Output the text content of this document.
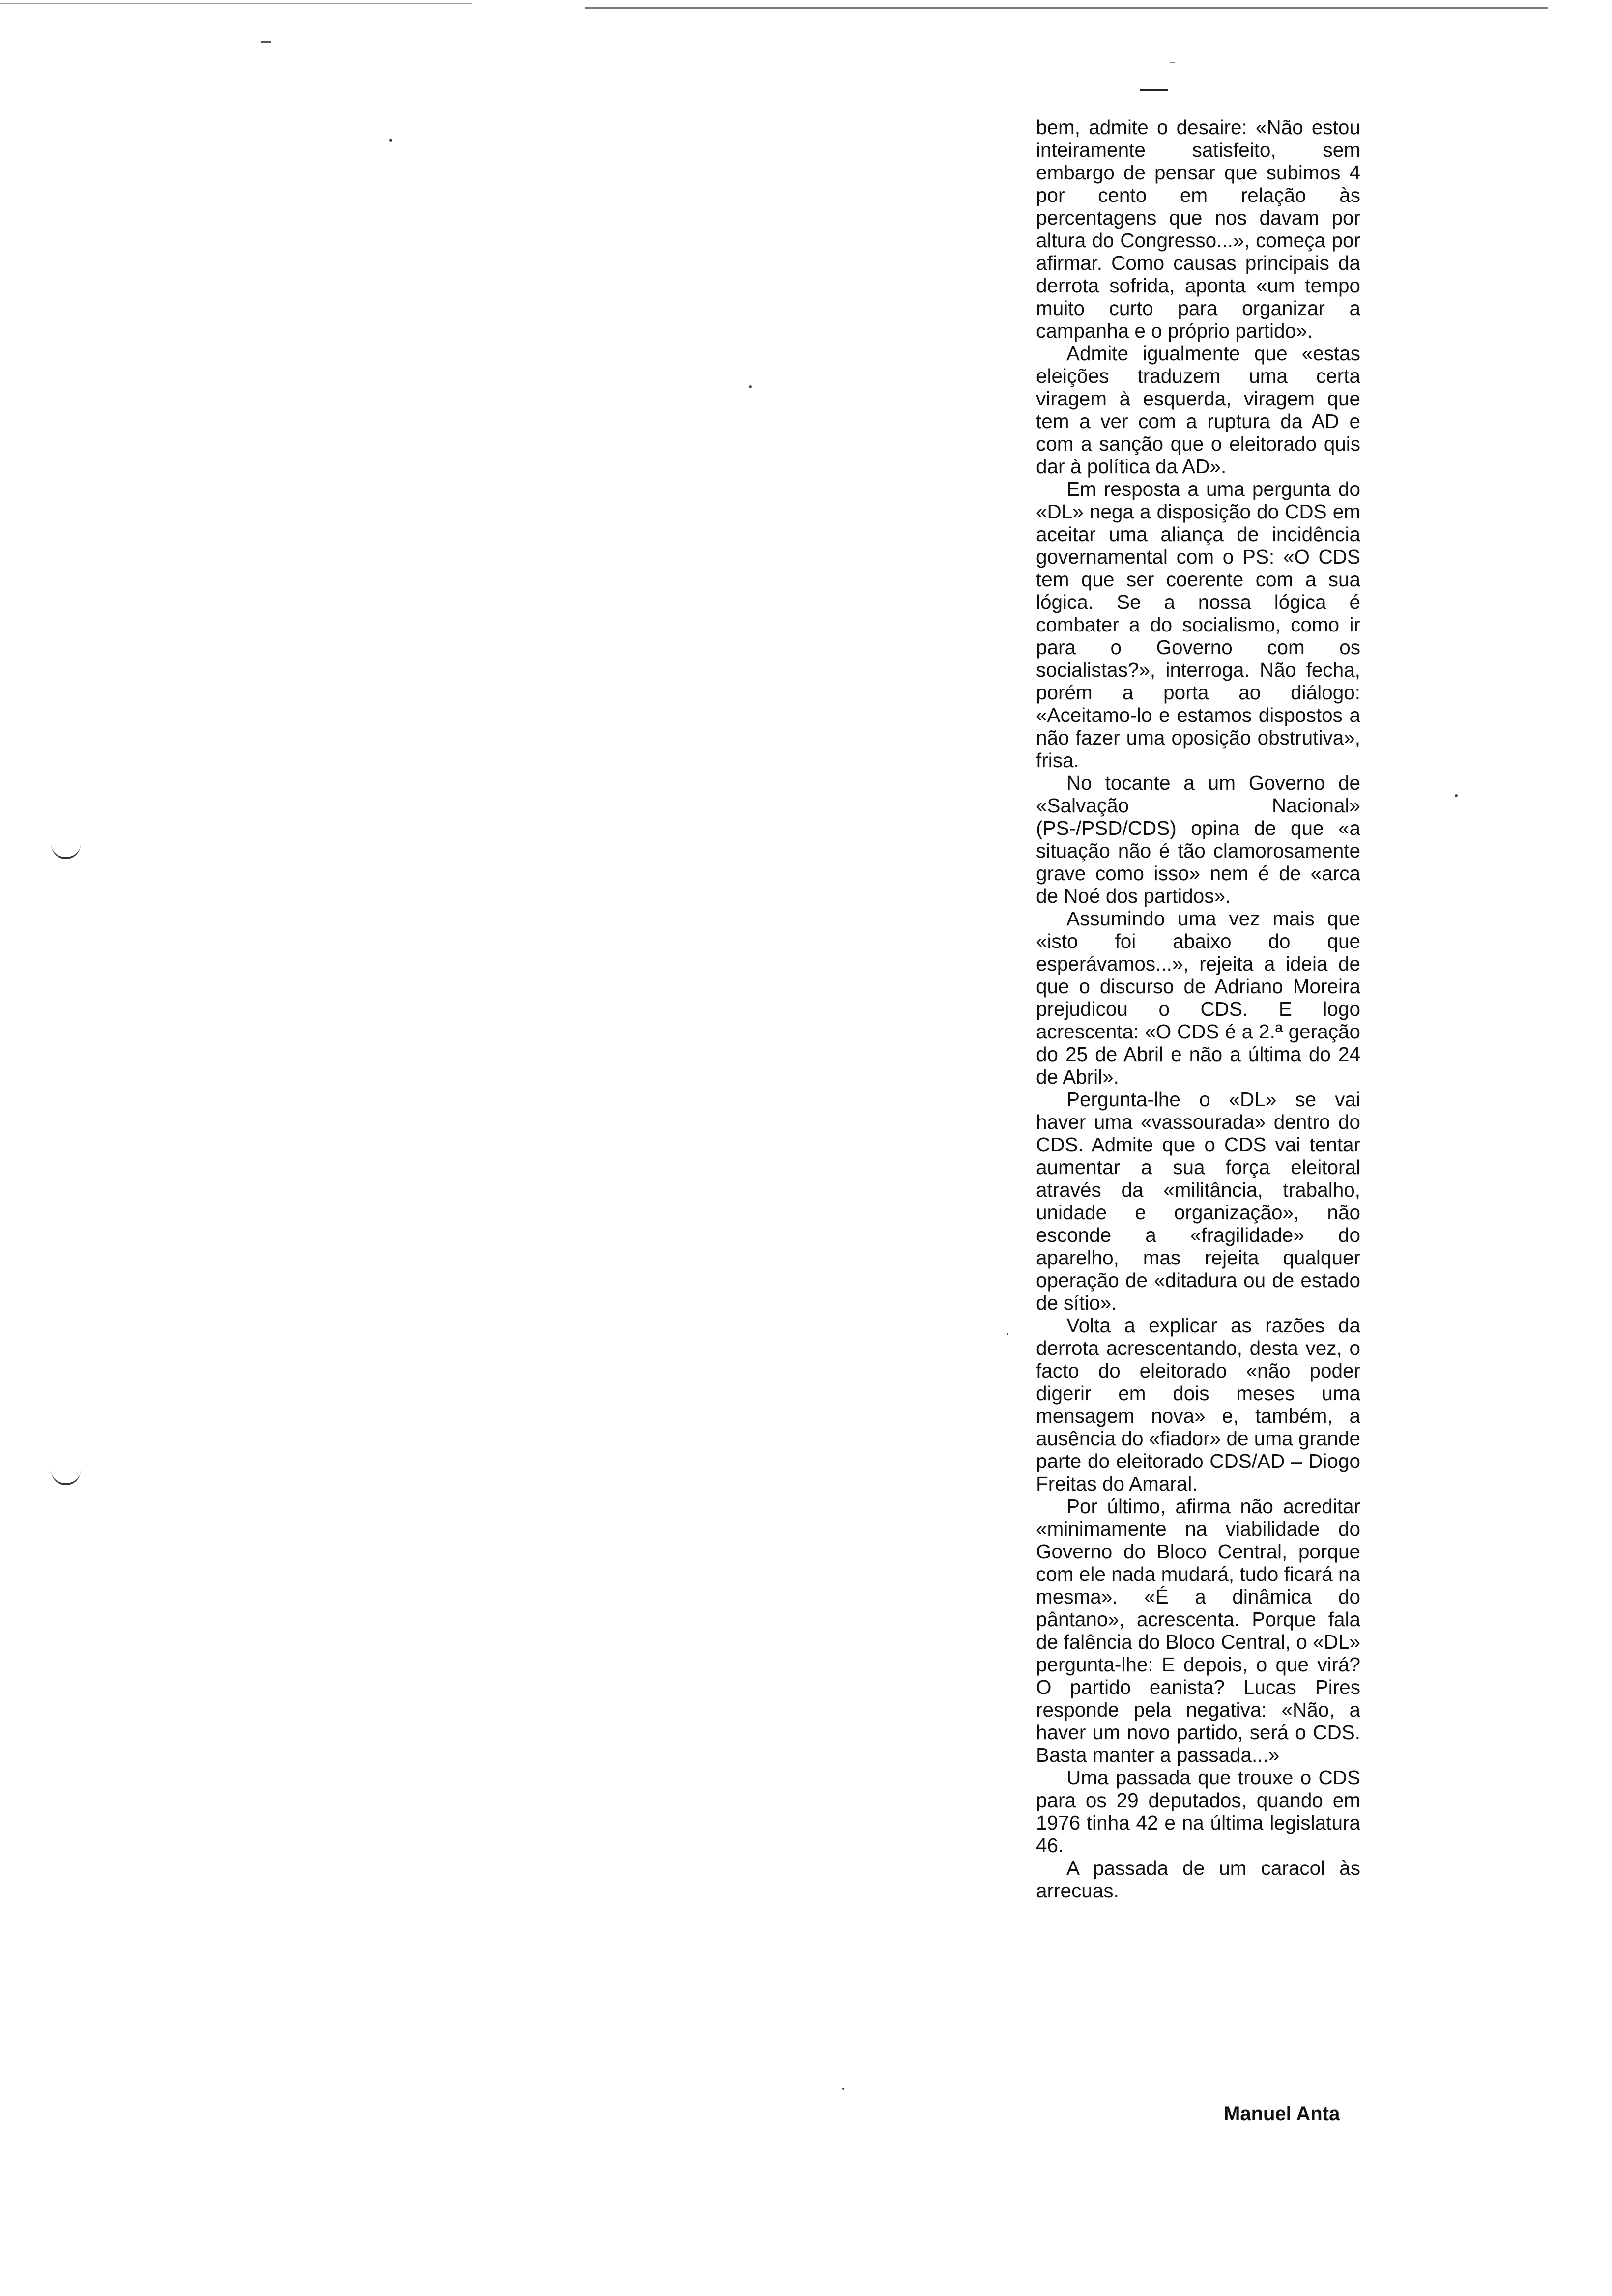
bem, admite o desaire: «Não estou inteiramente satisfeito, sem embargo de pensar que subimos 4 por cento em relação às percentagens que nos davam por altura do Congresso...», começa por afirmar. Como causas principais da derrota sofrida, aponta «um tempo muito curto para organizar a campanha e o próprio partido».

Admite igualmente que «estas eleições traduzem uma certa viragem à esquerda, viragem que tem a ver com a ruptura da AD e com a sanção que o eleitorado quis dar à política da AD».

Em resposta a uma pergunta do «DL» nega a disposição do CDS em aceitar uma aliança de incidência governamental com o PS: «O CDS tem que ser coerente com a sua lógica. Se a nossa lógica é combater a do socialismo, como ir para o Governo com os socialistas?», interroga. Não fecha, porém a porta ao diálogo: «Aceitamo-lo e estamos dispostos a não fazer uma oposição obstrutiva», frisa.

No tocante a um Governo de «Salvação Nacional» (PS-/PSD/CDS) opina de que «a situação não é tão clamorosamente grave como isso» nem é de «arca de Noé dos partidos».

Assumindo uma vez mais que «isto foi abaixo do que esperávamos...», rejeita a ideia de que o discurso de Adriano Moreira prejudicou o CDS. E logo acrescenta: «O CDS é a 2.ª geração do 25 de Abril e não a última do 24 de Abril».

Pergunta-lhe o «DL» se vai haver uma «vassourada» dentro do CDS. Admite que o CDS vai tentar aumentar a sua força eleitoral através da «militância, trabalho, unidade e organização», não esconde a «fragilidade» do aparelho, mas rejeita qualquer operação de «ditadura ou de estado de sítio».

Volta a explicar as razões da derrota acrescentando, desta vez, o facto do eleitorado «não poder digerir em dois meses uma mensagem nova» e, também, a ausência do «fiador» de uma grande parte do eleitorado CDS/AD – Diogo Freitas do Amaral.

Por último, afirma não acreditar «minimamente na viabilidade do Governo do Bloco Central, porque com ele nada mudará, tudo ficará na mesma». «É a dinâmica do pântano», acrescenta. Porque fala de falência do Bloco Central, o «DL» pergunta-lhe: E depois, o que virá? O partido eanista? Lucas Pires responde pela negativa: «Não, a haver um novo partido, será o CDS. Basta manter a passada...»

Uma passada que trouxe o CDS para os 29 deputados, quando em 1976 tinha 42 e na última legislatura 46.

A passada de um caracol às arrecuas.

Manuel Anta
